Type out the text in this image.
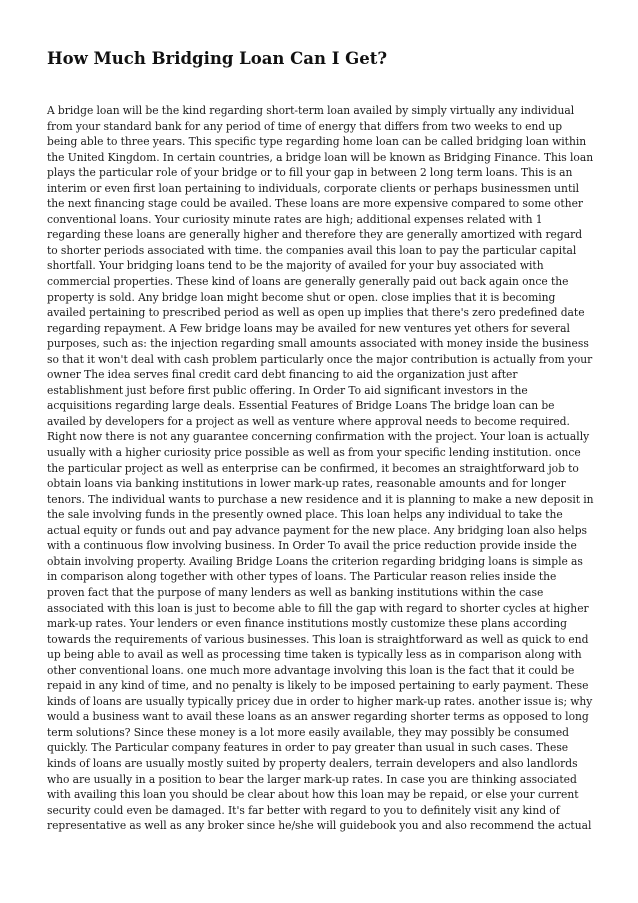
How Much Bridging Loan Can I Get?

A bridge loan will be the kind regarding short-term loan availed by simply virtually any individual from your standard bank for any period of time of energy that differs from two weeks to end up being able to three years. This specific type regarding home loan can be called bridging loan within the United Kingdom. In certain countries, a bridge loan will be known as Bridging Finance. This loan plays the particular role of your bridge or to fill your gap in between 2 long term loans. This is an interim or even first loan pertaining to individuals, corporate clients or perhaps businessmen until the next financing stage could be availed. These loans are more expensive compared to some other conventional loans. Your curiosity minute rates are high; additional expenses related with 1 regarding these loans are generally higher and therefore they are generally amortized with regard to shorter periods associated with time. the companies avail this loan to pay the particular capital shortfall. Your bridging loans tend to be the majority of availed for your buy associated with commercial properties. These kind of loans are generally generally paid out back again once the property is sold. Any bridge loan might become shut or open. close implies that it is becoming availed pertaining to prescribed period as well as open up implies that there's zero predefined date regarding repayment. A Few bridge loans may be availed for new ventures yet others for several purposes, such as: the injection regarding small amounts associated with money inside the business so that it won't deal with cash problem particularly once the major contribution is actually from your owner The idea serves final credit card debt financing to aid the organization just after establishment just before first public offering. In Order To aid significant investors in the acquisitions regarding large deals. Essential Features of Bridge Loans The bridge loan can be availed by developers for a project as well as venture where approval needs to become required. Right now there is not any guarantee concerning confirmation with the project. Your loan is actually usually with a higher curiosity price possible as well as from your specific lending institution. once the particular project as well as enterprise can be confirmed, it becomes an straightforward job to obtain loans via banking institutions in lower mark-up rates, reasonable amounts and for longer tenors. The individual wants to purchase a new residence and it is planning to make a new deposit in the sale involving funds in the presently owned place. This loan helps any individual to take the actual equity or funds out and pay advance payment for the new place. Any bridging loan also helps with a continuous flow involving business. In Order To avail the price reduction provide inside the obtain involving property. Availing Bridge Loans the criterion regarding bridging loans is simple as in comparison along together with other types of loans. The Particular reason relies inside the proven fact that the purpose of many lenders as well as banking institutions within the case associated with this loan is just to become able to fill the gap with regard to shorter cycles at higher mark-up rates. Your lenders or even finance institutions mostly customize these plans according towards the requirements of various businesses. This loan is straightforward as well as quick to end up being able to avail as well as processing time taken is typically less as in comparison along with other conventional loans. one much more advantage involving this loan is the fact that it could be repaid in any kind of time, and no penalty is likely to be imposed pertaining to early payment. These kinds of loans are usually typically pricey due in order to higher mark-up rates. another issue is; why would a business want to avail these loans as an answer regarding shorter terms as opposed to long term solutions? Since these money is a lot more easily available, they may possibly be consumed quickly. The Particular company features in order to pay greater than usual in such cases. These kinds of loans are usually mostly suited by property dealers, terrain developers and also landlords who are usually in a position to bear the larger mark-up rates. In case you are thinking associated with availing this loan you should be clear about how this loan may be repaid, or else your current security could even be damaged. It's far better with regard to you to definitely visit any kind of representative as well as any broker since he/she will guidebook you and also recommend the actual
